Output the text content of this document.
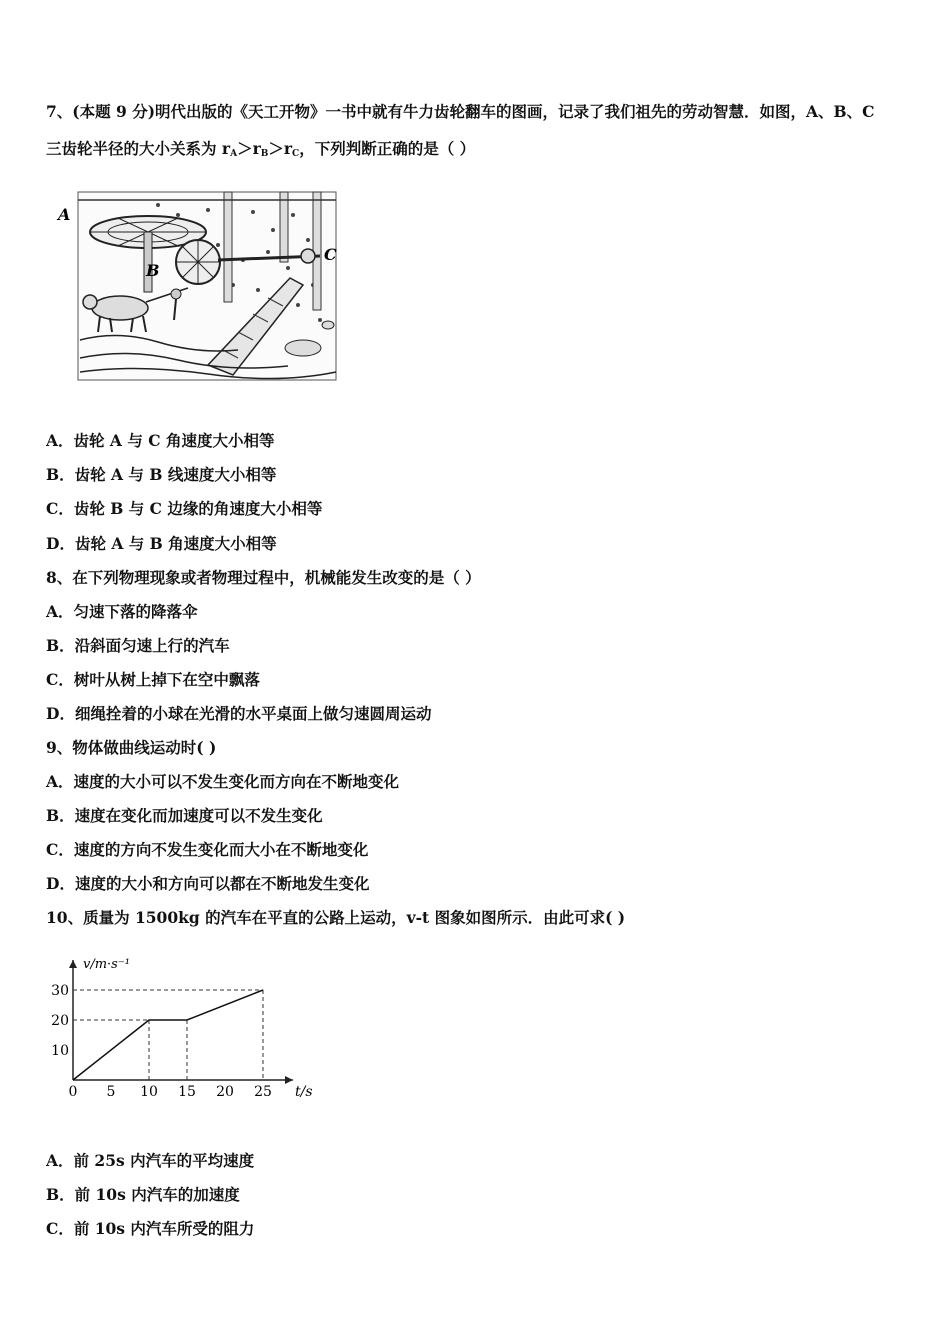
7、(本题 9 分)明代出版的《天工开物》一书中就有牛力齿轮翻车的图画，记录了我们祖先的劳动智慧．如图，A、B、C
三齿轮半径的大小关系为 $r_A>r_B>r_C$，下列判断正确的是（ ）
A
B
C
A．齿轮 A 与 C 角速度大小相等
B．齿轮 A 与 B 线速度大小相等
C．齿轮 B 与 C 边缘的角速度大小相等
D．齿轮 A 与 B 角速度大小相等
8、在下列物理现象或者物理过程中，机械能发生改变的是（ ）
A．匀速下落的降落伞
B．沿斜面匀速上行的汽车
C．树叶从树上掉下在空中飘落
D．细绳拴着的小球在光滑的水平桌面上做匀速圆周运动
9、物体做曲线运动时( )
A．速度的大小可以不发生变化而方向在不断地变化
B．速度在变化而加速度可以不发生变化
C．速度的方向不发生变化而大小在不断地变化
D．速度的大小和方向可以都在不断地发生变化
10、质量为 1500kg 的汽车在平直的公路上运动，v-t 图象如图所示．由此可求( )
0 5 10 15 20 25
10
20
30
t/s
v/m·s⁻¹
A．前 25s 内汽车的平均速度
B．前 10s 内汽车的加速度
C．前 10s 内汽车所受的阻力
